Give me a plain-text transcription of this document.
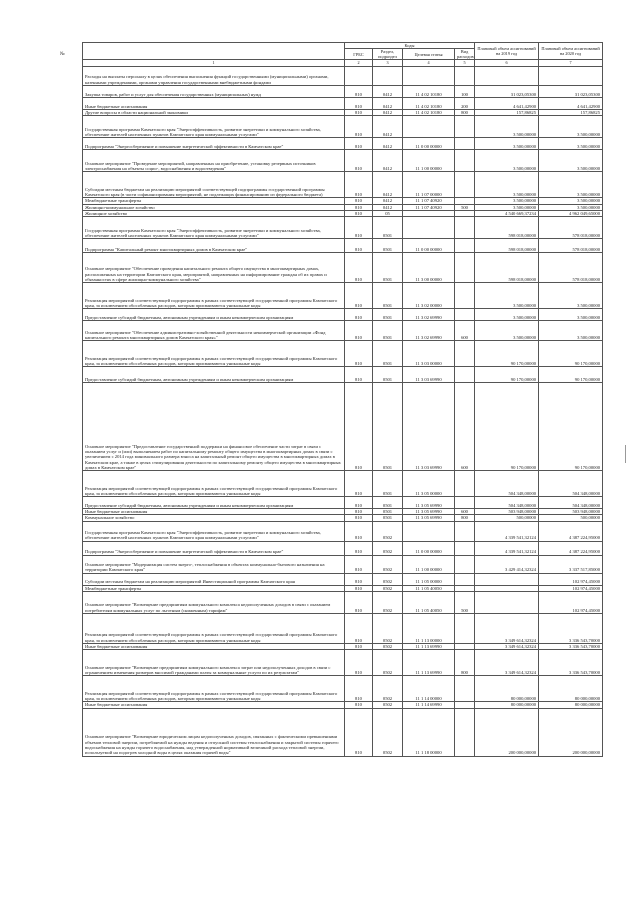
№
	Коды				Плановый объем ассигнований на 2019 год	Плановый объем ассигнований на 2020 год
	ГРБС	Раздел, подраздел	Целевая статья	Вид расходов		
1	2	3	4	5	6	7
Расходы на выплаты персоналу в целях обеспечения выполнения функций государственными (муниципальными) органами, казенными учреждениями, органами управления государственными внебюджетными фондами						
Закупка товаров, работ и услуг для обеспечения государственных (муниципальных) нужд	810	0412	11 4 02 10180	100	31 023,05300	31 023,05300
Иные бюджетные ассигнования	810	0412	11 4 02 10180	200	4 641,42900	4 641,42900
Другие вопросы в области национальной экономики	810	0412	11 4 02 10180	800	157,86825	157,86825
Государственная программа Камчатского края "Энергоэффективность, развитие энергетики и коммунального хозяйства, обеспечение жителей населенных пунктов Камчатского края коммунальными услугами"	810	0412			3 500,00000	3 500,00000
Подпрограмма "Энергосбережение и повышение энергетической эффективности в Камчатском крае"	810	0412	11 0 00 00000		3 500,00000	3 500,00000
Основное мероприятие "Проведение мероприятий, направленных на приобретение, установку резервных источников электроснабжения на объекты социо-, водоснабжения и водоотведения"	810	0412	11 1 00 00000		3 500,00000	3 500,00000
Субсидии местным бюджетам на реализацию мероприятий соответствующей подпрограммы государственной программы Камчатского края (в части софинансирования мероприятий, не подлежащих финансированию из федерального бюджета)	810	0412	11 1 07 00000		3 500,00000	3 500,00000
Межбюджетные трансферты	810	0412	11 1 07 40920		3 500,00000	3 500,00000
Жилищно-коммунальное хозяйство	810	0412	11 1 07 40920	500	3 500,00000	3 500,00000
Жилищное хозяйство	810	05			4 540 669,37234	4 962 049,65000
Государственная программа Камчатского края "Энергоэффективность, развитие энергетики и коммунального хозяйства, обеспечение жителей населенных пунктов Камчатского края коммунальными услугами"	810	0501			598 018,00000	578 018,00000
Подпрограмма "Капитальный ремонт многоквартирных домов в Камчатском крае"	810	0501	11 0 00 00000		598 018,00000	578 018,00000
Основное мероприятие "Обеспечение проведения капитального ремонта общего имущества в многоквартирных домах, расположенных на территории Камчатского края, мероприятий, направленных на информирование граждан об их правах и обязанностях в сфере жилищно-коммунального хозяйства"	810	0501	11 3 00 00000		598 018,00000	578 018,00000
Реализация мероприятий соответствующей подпрограммы в рамках соответствующей государственной программы Камчатского края, за исключением обособленных расходов, которым присваиваются уникальные коды	810	0501	11 3 02 00000		3 500,00000	3 500,00000
Предоставление субсидий бюджетным, автономным учреждениям и иным некоммерческим организациям	810	0501	11 3 02 69990		3 500,00000	3 500,00000
Основное мероприятие "Обеспечение административно-хозяйственной деятельности некоммерческой организации «Фонд капитального ремонта многоквартирных домов Камчатского края»"	810	0501	11 3 02 69990	600	3 500,00000	3 500,00000
Реализация мероприятий соответствующей подпрограммы в рамках соответствующей государственной программы Камчатского края, за исключением обособленных расходов, которым присваиваются уникальные коды	810	0501	11 3 03 00000		90 170,00000	90 170,00000
Предоставление субсидий бюджетным, автономным учреждениям и иным некоммерческим организациям	810	0501	11 3 03 69990		90 170,00000	90 170,00000
Основное мероприятие "Предоставление государственной поддержки на финансовое обеспечение части затрат в связи с оказанием услуг и (или) выполнением работ по капитальному ремонту общего имущества в многоквартирных домах в связи с увеличением с 2014 года минимального размера взноса на капитальный ремонт общего имущества в многоквартирных домах в Камчатском крае, а также в целях стимулирования деятельности по капитальному ремонту общего имущества в многоквартирных домах в Камчатском крае"	810	0501	11 3 03 69990	600	90 170,00000	90 170,00000
Реализация мероприятий соответствующей подпрограммы в рамках соответствующей государственной программы Камчатского края, за исключением обособленных расходов, которым присваиваются уникальные коды	810	0501	11 3 05 00000		504 348,00000	504 348,00000
Предоставление субсидий бюджетным, автономным учреждениям и иным некоммерческим организациям	810	0501	11 3 05 69990		504 348,00000	504 348,00000
Иные бюджетные ассигнования	810	0501	11 3 05 69990	600	503 948,00000	503 948,00000
Коммунальное хозяйство	810	0501	11 3 05 69990	800	500,00000	500,00000
Государственная программа Камчатского края "Энергоэффективность, развитие энергетики и коммунального хозяйства, обеспечение жителей населенных пунктов Камчатского края коммунальными услугами"	810	0502			4 339 541,32124	4 387 224,95000
Подпрограмма "Энергосбережение и повышение энергетической эффективности в Камчатском крае"	810	0502	11 0 00 00000		4 339 541,32124	4 387 224,95000
Основное мероприятие "Модернизация систем энерго-, теплоснабжения в объектах коммунально-бытового назначения на территории Камчатского края"	810	0502	11 1 00 00000		3 429 414,32324	3 337 517,85000
Субсидии местным бюджетам на реализацию мероприятий Инвестиционной программы Камчатского края	810	0502	11 1 05 00000			102 974,45000
Межбюджетные трансферты	810	0502	11 1 05 40050			102 974,45000
Основное мероприятие "Возмещение предприятиям коммунального комплекса недополученных доходов в связи с оказанием потребителям коммунальных услуг по льготным (сниженным) тарифам"	810	0502	11 1 05 40050	500		102 974,45000
Реализация мероприятий соответствующей подпрограммы в рамках соответствующей государственной программы Камчатского края, за исключением обособленных расходов, которым присваиваются уникальные коды	810	0502	11 1 13 00000		3 349 614,32324	3 336 543,70000
Иные бюджетные ассигнования	810	0502	11 1 13 69990		3 349 614,32324	3 336 543,70000
Основное мероприятие "Возмещение предприятиям коммунального комплекса затрат или недополученных доходов в связи с ограничением изменения размеров вносимой гражданами платы за коммунальные услуги по их результатам"	810	0502	11 1 13 69990	800	3 349 614,32324	3 336 543,70000
Реализация мероприятий соответствующей подпрограммы в рамках соответствующей государственной программы Камчатского края, за исключением обособленных расходов, которым присваиваются уникальные коды	810	0502	11 1 14 00000		80 000,00000	80 000,00000
Иные бюджетные ассигнования	810	0502	11 1 14 69990		80 000,00000	80 000,00000
Основное мероприятие "Возмещение юридическим лицам недополученных доходов, связанных с фактическими превышениями объемов тепловой энергии, потребляемой на нужды ведения и отпускной системы теплоснабжения и закрытой системы горячего водоснабжения на нужды горячего водоснабжения, над утвержденной нормативной величиной расхода тепловой энергии, используемой на подогрев холодной воды в целях оказания горячей воды"	810	0502	11 1 18 00000		200 000,00000	200 000,00000
